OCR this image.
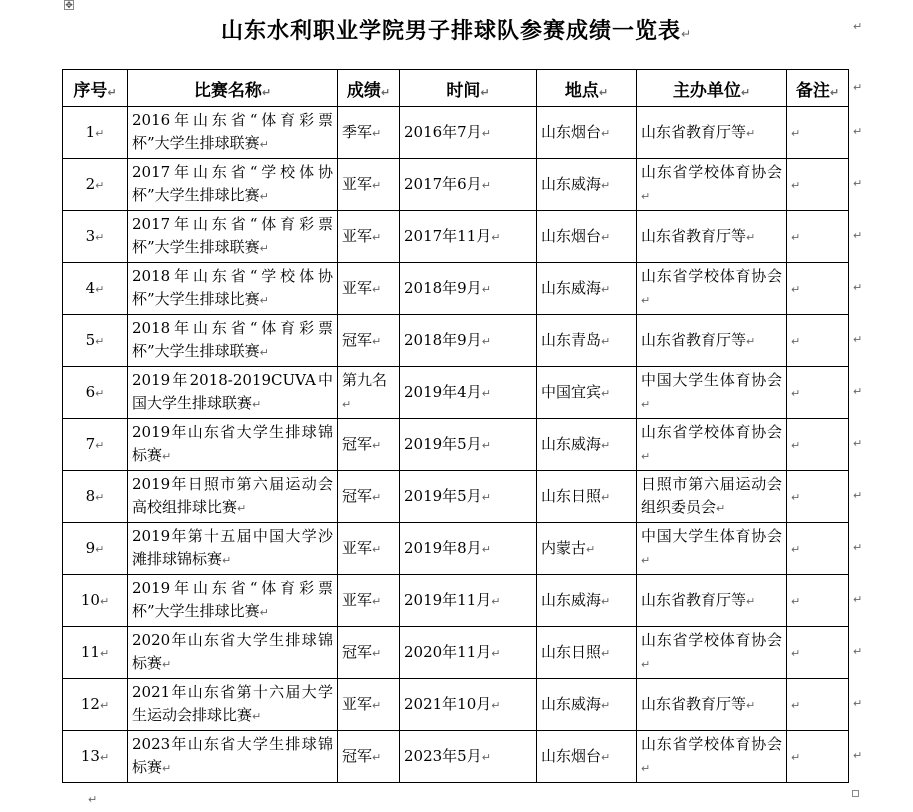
✥
山东水利职业学院男子排球队参赛成绩一览表↵
↵
序号↵	比赛名称↵	成绩↵	时间↵	地点↵	主办单位↵	备注↵
1↵	2016年山东省“体育彩票杯”大学生排球联赛↵	季军↵	2016年7月↵	山东烟台↵	山东省教育厅等↵	↵
2↵	2017年山东省“学校体协杯”大学生排球比赛↵	亚军↵	2017年6月↵	山东威海↵	山东省学校体育协会↵	↵
3↵	2017年山东省“体育彩票杯”大学生排球联赛↵	亚军↵	2017年11月↵	山东烟台↵	山东省教育厅等↵	↵
4↵	2018年山东省“学校体协杯”大学生排球比赛↵	亚军↵	2018年9月↵	山东威海↵	山东省学校体育协会↵	↵
5↵	2018年山东省“体育彩票杯”大学生排球联赛↵	冠军↵	2018年9月↵	山东青岛↵	山东省教育厅等↵	↵
6↵	2019年2018-2019CUVA中国大学生排球联赛↵	第九名↵	2019年4月↵	中国宜宾↵	中国大学生体育协会↵	↵
7↵	2019年山东省大学生排球锦标赛↵	冠军↵	2019年5月↵	山东威海↵	山东省学校体育协会↵	↵
8↵	2019年日照市第六届运动会高校组排球比赛↵	冠军↵	2019年5月↵	山东日照↵	日照市第六届运动会组织委员会↵	↵
9↵	2019年第十五届中国大学沙滩排球锦标赛↵	亚军↵	2019年8月↵	内蒙古↵	中国大学生体育协会↵	↵
10↵	2019年山东省“体育彩票杯”大学生排球比赛↵	亚军↵	2019年11月↵	山东威海↵	山东省教育厅等↵	↵
11↵	2020年山东省大学生排球锦标赛↵	冠军↵	2020年11月↵	山东日照↵	山东省学校体育协会↵	↵
12↵	2021年山东省第十六届大学生运动会排球比赛↵	亚军↵	2021年10月↵	山东威海↵	山东省教育厅等↵	↵
13↵	2023年山东省大学生排球锦标赛↵	冠军↵	2023年5月↵	山东烟台↵	山东省学校体育协会↵	↵
↵
↵
↵
↵
↵
↵
↵
↵
↵
↵
↵
↵
↵
↵
↵
